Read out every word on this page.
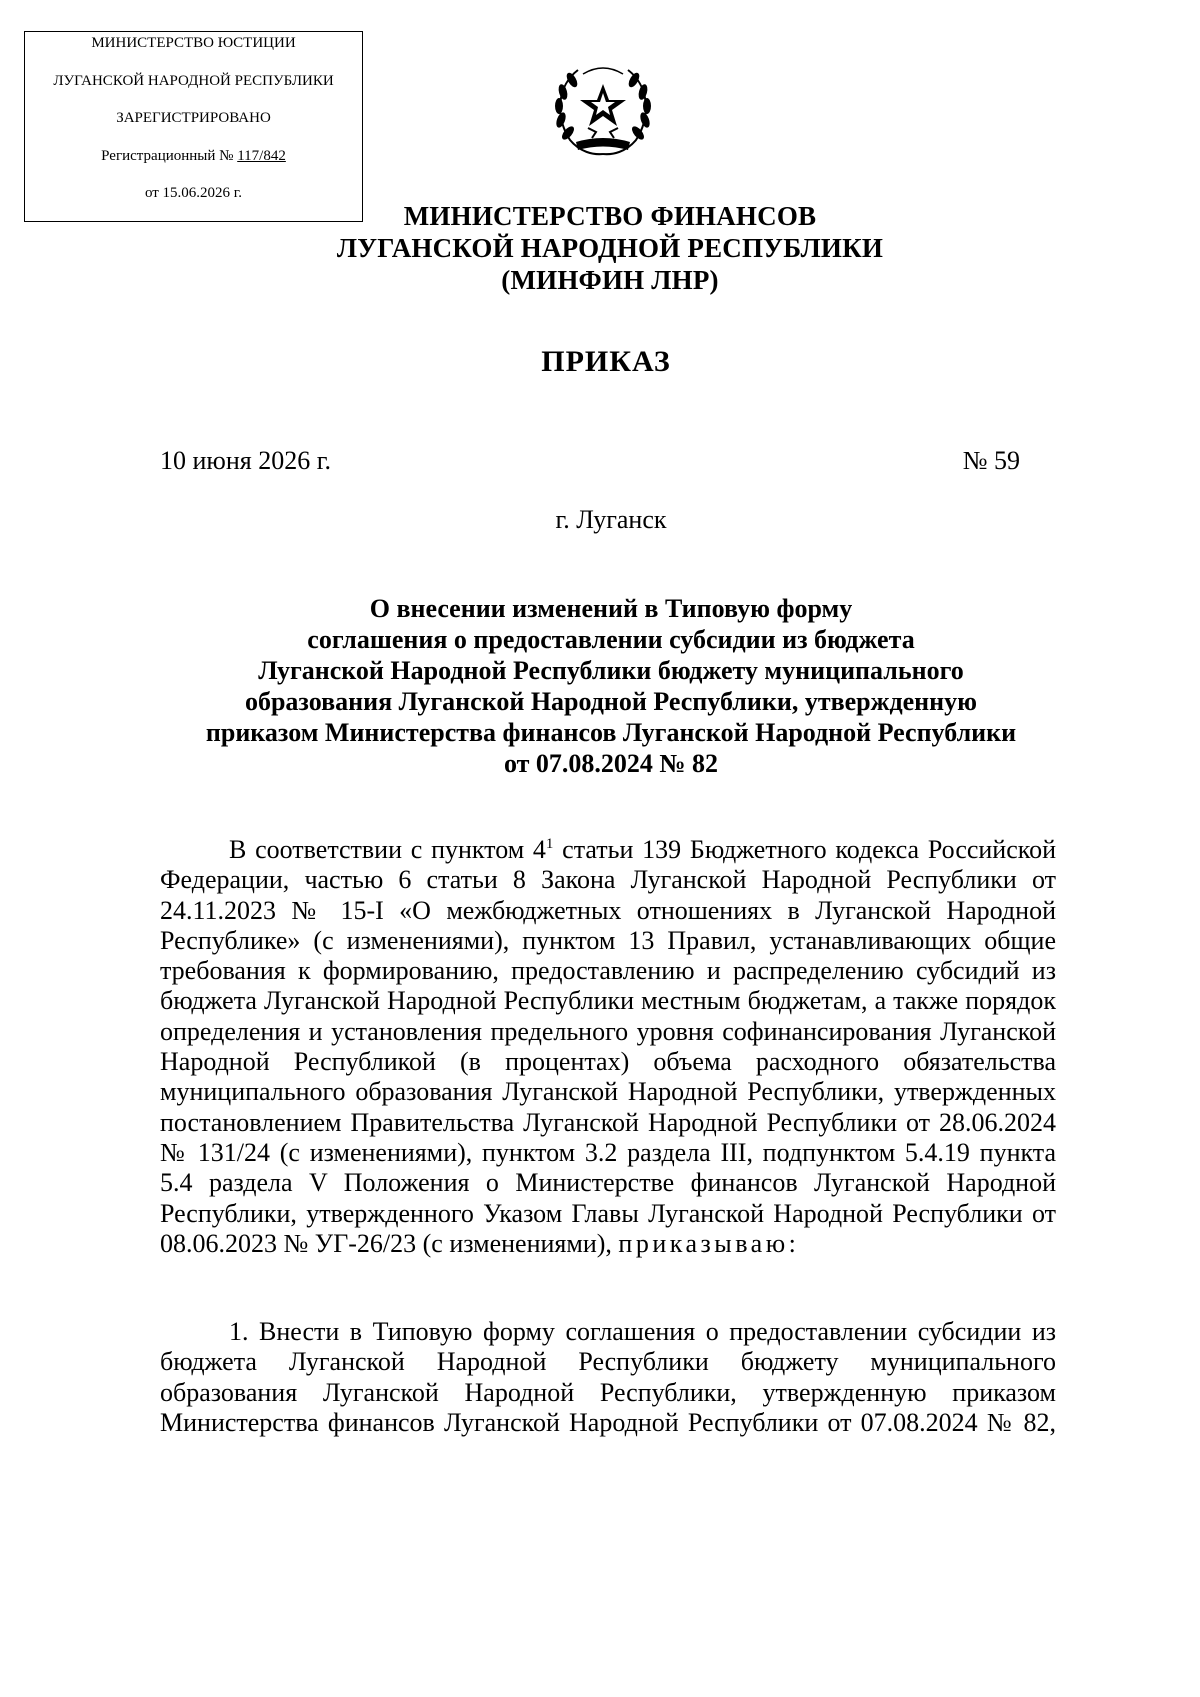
МИНИСТЕРСТВО ЮСТИЦИИ
ЛУГАНСКОЙ НАРОДНОЙ РЕСПУБЛИКИ
ЗАРЕГИСТРИРОВАНО
Регистрационный № 117/842
от 15.06.2026 г.
МИНИСТЕРСТВО ФИНАНСОВ
ЛУГАНСКОЙ НАРОДНОЙ РЕСПУБЛИКИ
(МИНФИН ЛНР)
ПРИКАЗ
10 июня 2026 г.	№ 59
г. Луганск
О внесении изменений в Типовую форму
соглашения о предоставлении субсидии из бюджета
Луганской Народной Республики бюджету муниципального
образования Луганской Народной Республики, утвержденную
приказом Министерства финансов Луганской Народной Республики
от 07.08.2024 № 82
В соответствии с пунктом $4^1$ статьи 139 Бюджетного кодекса Российской Федерации, частью 6 статьи 8 Закона Луганской Народной Республики от 24.11.2023 № 15-I «О межбюджетных отношениях в Луганской Народной Республике» (с изменениями), пунктом 13 Правил, устанавливающих общие требования к формированию, предоставлению и распределению субсидий из бюджета Луганской Народной Республики местным бюджетам, а также порядок определения и установления предельного уровня софинансирования Луганской Народной Республикой (в процентах) объема расходного обязательства муниципального образования Луганской Народной Республики, утвержденных постановлением Правительства Луганской Народной Республики от 28.06.2024 № 131/24 (с изменениями), пунктом 3.2 раздела III, подпунктом 5.4.19 пункта 5.4 раздела V Положения о Министерстве финансов Луганской Народной Республики, утвержденного Указом Главы Луганской Народной Республики от 08.06.2023 № УГ-26/23 (с изменениями), приказываю:
1. Внести в Типовую форму соглашения о предоставлении субсидии из бюджета Луганской Народной Республики бюджету муниципального образования Луганской Народной Республики, утвержденную приказом Министерства финансов Луганской Народной Республики от 07.08.2024 № 82,
